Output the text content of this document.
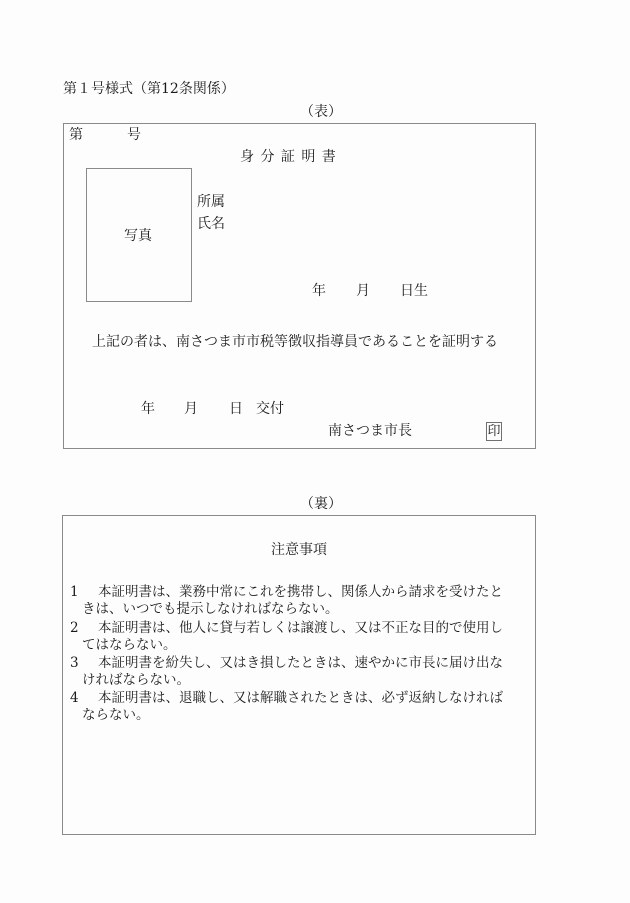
第１号様式（第12条関係）
（表）
第	号
身 分 証 明 書
写真
所属
氏名
年 月 日生
上記の者は、南さつま市市税等徴収指導員であることを証明する
年 月 日 交付
南さつま市長	印
（裏）
注意事項
1 本証明書は、業務中常にこれを携帯し、関係人から請求を受けたと
きは、いつでも提示しなければならない。
2 本証明書は、他人に貸与若しくは譲渡し、又は不正な目的で使用し
てはならない。
3 本証明書を紛失し、又はき損したときは、速やかに市長に届け出な
ければならない。
4 本証明書は、退職し、又は解職されたときは、必ず返納しなければ
ならない。
